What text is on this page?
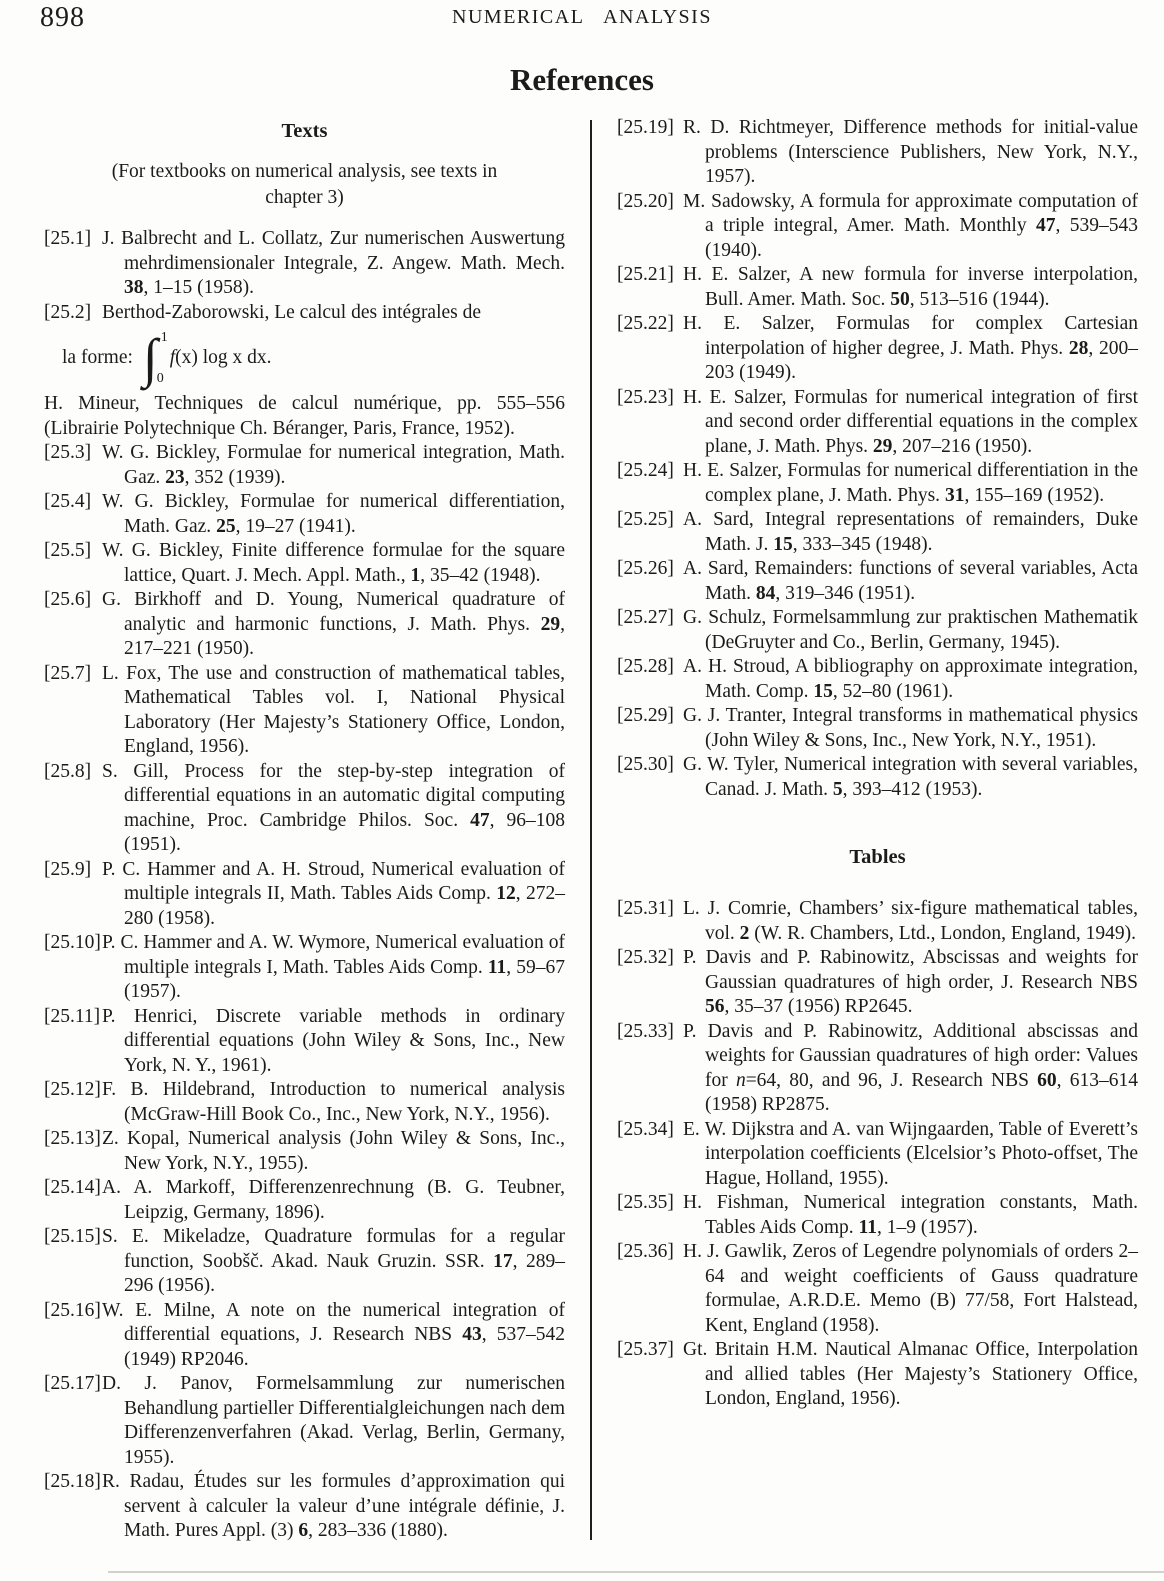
898	NUMERICAL ANALYSIS
References
Texts

(For textbooks on numerical analysis, see texts in chapter 3)

[25.1] J. Balbrecht and L. Collatz, Zur numerischen Auswertung mehrdimensionaler Integrale, Z. Angew. Math. Mech. 38, 1–15 (1958).
[25.2] Berthod-Zaborowski, Le calcul des intégrales de
la forme: ∫ 1
0
f(x) log x dx.
H. Mineur, Techniques de calcul numérique, pp. 555–556 (Librairie Polytechnique Ch. Béranger, Paris, France, 1952).
[25.3] W. G. Bickley, Formulae for numerical integration, Math. Gaz. 23, 352 (1939).
[25.4] W. G. Bickley, Formulae for numerical differentiation, Math. Gaz. 25, 19–27 (1941).
[25.5] W. G. Bickley, Finite difference formulae for the square lattice, Quart. J. Mech. Appl. Math., 1, 35–42 (1948).
[25.6] G. Birkhoff and D. Young, Numerical quadrature of analytic and harmonic functions, J. Math. Phys. 29, 217–221 (1950).
[25.7] L. Fox, The use and construction of mathematical tables, Mathematical Tables vol. I, National Physical Laboratory (Her Majesty’s Stationery Office, London, England, 1956).
[25.8] S. Gill, Process for the step-by-step integration of differential equations in an automatic digital computing machine, Proc. Cambridge Philos. Soc. 47, 96–108 (1951).
[25.9] P. C. Hammer and A. H. Stroud, Numerical evaluation of multiple integrals II, Math. Tables Aids Comp. 12, 272–280 (1958).
[25.10]P. C. Hammer and A. W. Wymore, Numerical evaluation of multiple integrals I, Math. Tables Aids Comp. 11, 59–67 (1957).
[25.11]P. Henrici, Discrete variable methods in ordinary differential equations (John Wiley & Sons, Inc., New York, N. Y., 1961).
[25.12]F. B. Hildebrand, Introduction to numerical analysis (McGraw-Hill Book Co., Inc., New York, N.Y., 1956).
[25.13]Z. Kopal, Numerical analysis (John Wiley & Sons, Inc., New York, N.Y., 1955).
[25.14]A. A. Markoff, Differenzenrechnung (B. G. Teubner, Leipzig, Germany, 1896).
[25.15]S. E. Mikeladze, Quadrature formulas for a regular function, Soobšč. Akad. Nauk Gruzin. SSR. 17, 289–296 (1956).
[25.16]W. E. Milne, A note on the numerical integration of differential equations, J. Research NBS 43, 537–542 (1949) RP2046.
[25.17]D. J. Panov, Formelsammlung zur numerischen Behandlung partieller Differentialgleichungen nach dem Differenzenverfahren (Akad. Verlag, Berlin, Germany, 1955).
[25.18]R. Radau, Études sur les formules d’approximation qui servent à calculer la valeur d’une intégrale définie, J. Math. Pures Appl. (3) 6, 283–336 (1880).
[25.19] R. D. Richtmeyer, Difference methods for initial-value problems (Interscience Publishers, New York, N.Y., 1957).
[25.20] M. Sadowsky, A formula for approximate computation of a triple integral, Amer. Math. Monthly 47, 539–543 (1940).
[25.21] H. E. Salzer, A new formula for inverse interpolation, Bull. Amer. Math. Soc. 50, 513–516 (1944).
[25.22] H. E. Salzer, Formulas for complex Cartesian interpolation of higher degree, J. Math. Phys. 28, 200–203 (1949).
[25.23] H. E. Salzer, Formulas for numerical integration of first and second order differential equations in the complex plane, J. Math. Phys. 29, 207–216 (1950).
[25.24] H. E. Salzer, Formulas for numerical differentiation in the complex plane, J. Math. Phys. 31, 155–169 (1952).
[25.25] A. Sard, Integral representations of remainders, Duke Math. J. 15, 333–345 (1948).
[25.26] A. Sard, Remainders: functions of several variables, Acta Math. 84, 319–346 (1951).
[25.27] G. Schulz, Formelsammlung zur praktischen Mathematik (DeGruyter and Co., Berlin, Germany, 1945).
[25.28] A. H. Stroud, A bibliography on approximate integration, Math. Comp. 15, 52–80 (1961).
[25.29] G. J. Tranter, Integral transforms in mathematical physics (John Wiley & Sons, Inc., New York, N.Y., 1951).
[25.30] G. W. Tyler, Numerical integration with several variables, Canad. J. Math. 5, 393–412 (1953).
Tables
[25.31] L. J. Comrie, Chambers’ six-figure mathematical tables, vol. 2 (W. R. Chambers, Ltd., London, England, 1949).
[25.32] P. Davis and P. Rabinowitz, Abscissas and weights for Gaussian quadratures of high order, J. Research NBS 56, 35–37 (1956) RP2645.
[25.33] P. Davis and P. Rabinowitz, Additional abscissas and weights for Gaussian quadratures of high order: Values for n=64, 80, and 96, J. Research NBS 60, 613–614 (1958) RP2875.
[25.34] E. W. Dijkstra and A. van Wijngaarden, Table of Everett’s interpolation coefficients (Elcelsior’s Photo-offset, The Hague, Holland, 1955).
[25.35] H. Fishman, Numerical integration constants, Math. Tables Aids Comp. 11, 1–9 (1957).
[25.36] H. J. Gawlik, Zeros of Legendre polynomials of orders 2–64 and weight coefficients of Gauss quadrature formulae, A.R.D.E. Memo (B) 77/58, Fort Halstead, Kent, England (1958).
[25.37] Gt. Britain H.M. Nautical Almanac Office, Interpolation and allied tables (Her Majesty’s Stationery Office, London, England, 1956).
